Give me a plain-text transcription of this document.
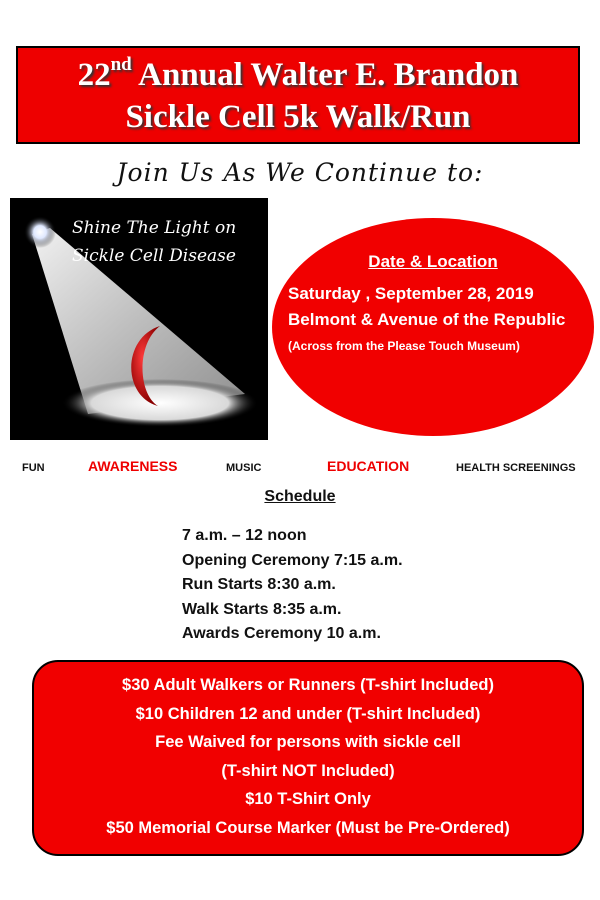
22nd Annual Walter E. Brandon
Sickle Cell 5k Walk/Run
Join Us As We Continue to:
Shine The Light on
Sickle Cell Disease	Date & Location
Saturday , September 28, 2019
Belmont & Avenue of the Republic
(Across from the Please Touch Museum)
FUN	AWARENESS	MUSIC	EDUCATION	HEALTH SCREENINGS
Schedule
7 a.m. – 12 noon
Opening Ceremony 7:15 a.m.
Run Starts 8:30 a.m.
Walk Starts 8:35 a.m.
Awards Ceremony 10 a.m.
$30 Adult Walkers or Runners (T-shirt Included)
$10 Children 12 and under (T-shirt Included)
Fee Waived for persons with sickle cell
(T-shirt NOT Included)
$10 T-Shirt Only
$50 Memorial Course Marker (Must be Pre-Ordered)
